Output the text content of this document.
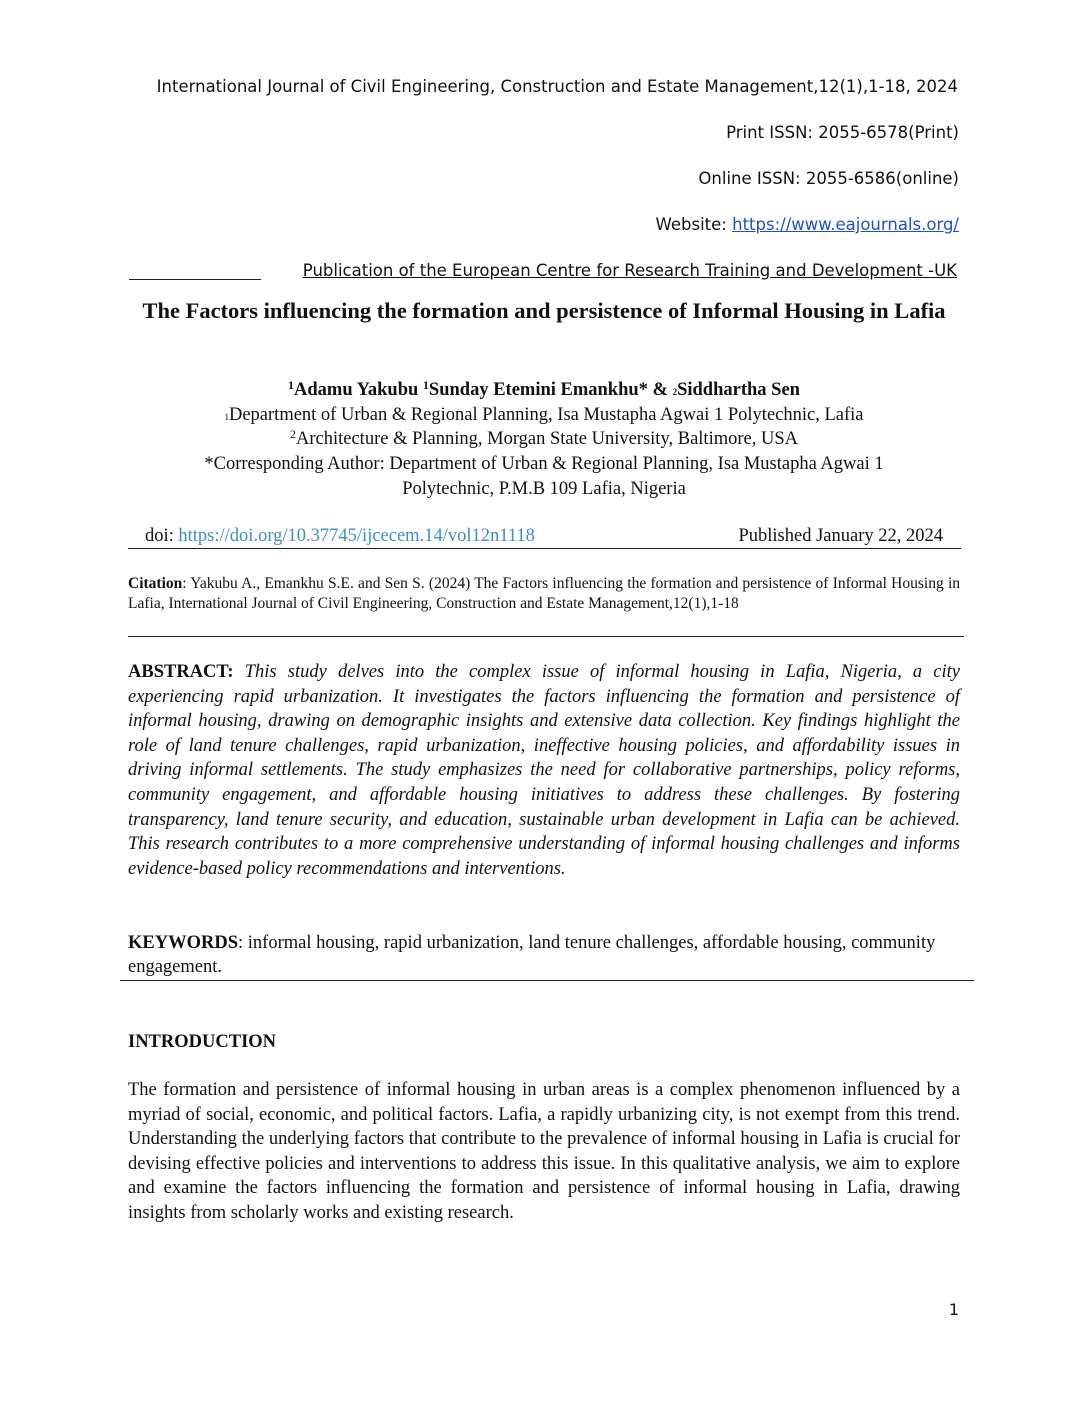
International Journal of Civil Engineering, Construction and Estate Management,12(1),1-18, 2024
Print ISSN: 2055-6578(Print)
Online ISSN: 2055-6586(online)
Website: https://www.eajournals.org/
Publication of the European Centre for Research Training and Development -UK
The Factors influencing the formation and persistence of Informal Housing in Lafia
$^1$Adamu Yakubu $^1$Sunday Etemini Emankhu* & 2Siddhartha Sen
1Department of Urban & Regional Planning, Isa Mustapha Agwai 1 Polytechnic, Lafia
$^2$Architecture & Planning, Morgan State University, Baltimore, USA
*Corresponding Author: Department of Urban & Regional Planning, Isa Mustapha Agwai 1
Polytechnic, P.M.B 109 Lafia, Nigeria
doi: https://doi.org/10.37745/ijcecem.14/vol12n1118	Published January 22, 2024

Citation: Yakubu A., Emankhu S.E. and Sen S. (2024) The Factors influencing the formation and persistence of Informal Housing in Lafia, International Journal of Civil Engineering, Construction and Estate Management,12(1),1-18

ABSTRACT: This study delves into the complex issue of informal housing in Lafia, Nigeria, a city experiencing rapid urbanization. It investigates the factors influencing the formation and persistence of informal housing, drawing on demographic insights and extensive data collection. Key findings highlight the role of land tenure challenges, rapid urbanization, ineffective housing policies, and affordability issues in driving informal settlements. The study emphasizes the need for collaborative partnerships, policy reforms, community engagement, and affordable housing initiatives to address these challenges. By fostering transparency, land tenure security, and education, sustainable urban development in Lafia can be achieved. This research contributes to a more comprehensive understanding of informal housing challenges and informs evidence-based policy recommendations and interventions.

KEYWORDS: informal housing, rapid urbanization, land tenure challenges, affordable housing, community engagement.

INTRODUCTION

The formation and persistence of informal housing in urban areas is a complex phenomenon influenced by a myriad of social, economic, and political factors. Lafia, a rapidly urbanizing city, is not exempt from this trend. Understanding the underlying factors that contribute to the prevalence of informal housing in Lafia is crucial for devising effective policies and interventions to address this issue. In this qualitative analysis, we aim to explore and examine the factors influencing the formation and persistence of informal housing in Lafia, drawing insights from scholarly works and existing research.

1
